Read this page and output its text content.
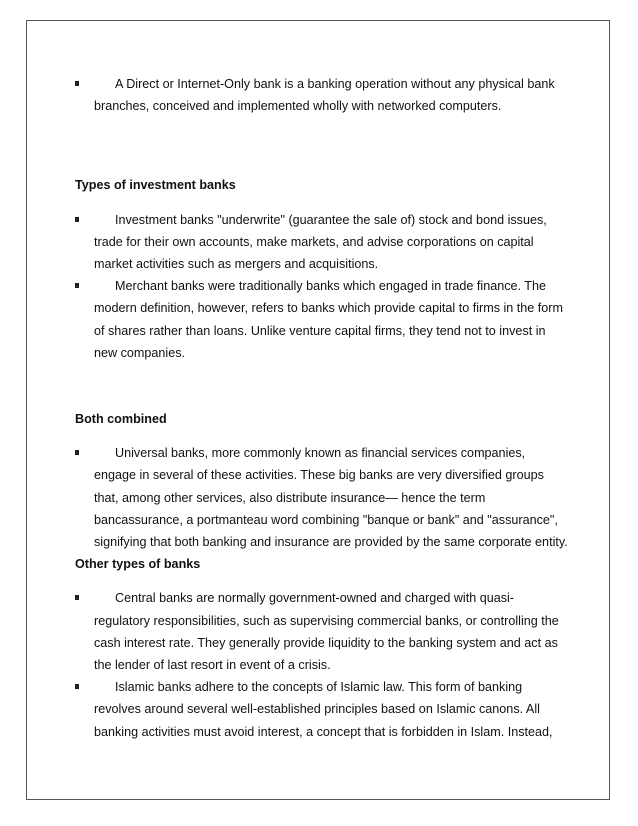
A Direct or Internet-Only bank is a banking operation without any physical bank branches, conceived and implemented wholly with networked computers.

Types of investment banks

Investment banks "underwrite" (guarantee the sale of) stock and bond issues, trade for their own accounts, make markets, and advise corporations on capital market activities such as mergers and acquisitions.

Merchant banks were traditionally banks which engaged in trade finance. The modern definition, however, refers to banks which provide capital to firms in the form of shares rather than loans. Unlike venture capital firms, they tend not to invest in new companies.

Both combined

Universal banks, more commonly known as financial services companies, engage in several of these activities. These big banks are very diversified groups that, among other services, also distribute insurance— hence the term bancassurance, a portmanteau word combining "banque or bank" and "assurance", signifying that both banking and insurance are provided by the same corporate entity.

Other types of banks

Central banks are normally government-owned and charged with quasi-regulatory responsibilities, such as supervising commercial banks, or controlling the cash interest rate. They generally provide liquidity to the banking system and act as the lender of last resort in event of a crisis.

Islamic banks adhere to the concepts of Islamic law. This form of banking revolves around several well-established principles based on Islamic canons. All banking activities must avoid interest, a concept that is forbidden in Islam. Instead,
